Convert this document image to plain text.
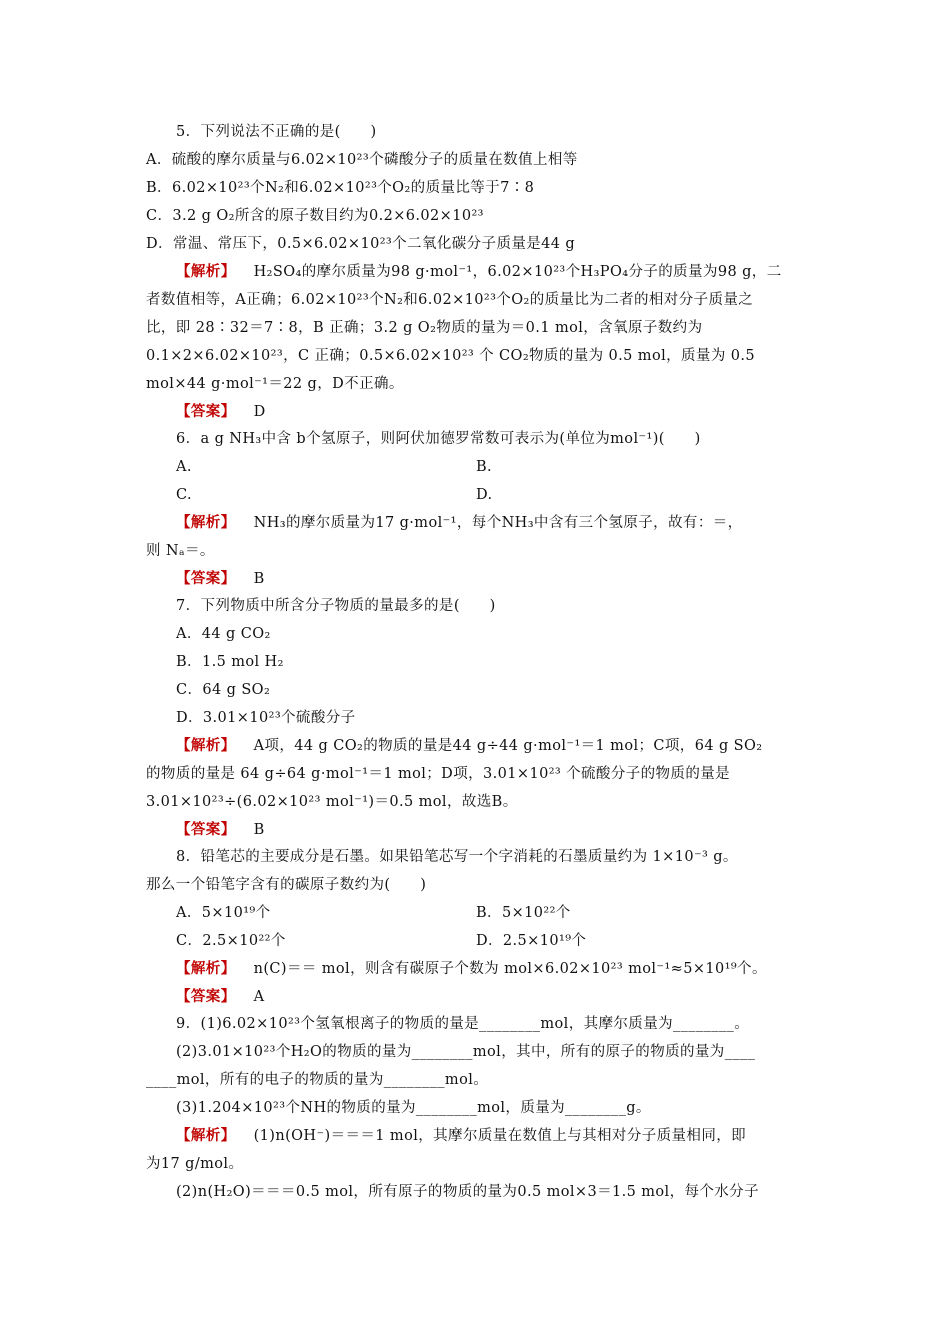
5．下列说法不正确的是(　　)
A．硫酸的摩尔质量与6.02×10²³个磷酸分子的质量在数值上相等
B．6.02×10²³个N₂和6.02×10²³个O₂的质量比等于7∶8
C．3.2 g O₂所含的原子数目约为0.2×6.02×10²³
D．常温、常压下，0.5×6.02×10²³个二氧化碳分子质量是44 g
【解析】 H₂SO₄的摩尔质量为98 g·mol⁻¹，6.02×10²³个H₃PO₄分子的质量为98 g，二
者数值相等，A正确；6.02×10²³个N₂和6.02×10²³个O₂的质量比为二者的相对分子质量之
比，即 28∶32＝7∶8，B 正确；3.2 g O₂物质的量为＝0.1 mol，含氧原子数约为
0.1×2×6.02×10²³，C 正确；0.5×6.02×10²³ 个 CO₂物质的量为 0.5 mol，质量为 0.5
mol×44 g·mol⁻¹＝22 g，D不正确。
【答案】 D
6．a g NH₃中含 b个氢原子，则阿伏加德罗常数可表示为(单位为mol⁻¹)(　　)
A.	B.
C.	D.
【解析】 NH₃的摩尔质量为17 g·mol⁻¹，每个NH₃中含有三个氢原子，故有：＝，
则 Nₐ＝。
【答案】 B
7．下列物质中所含分子物质的量最多的是(　　)
A．44 g CO₂
B．1.5 mol H₂
C．64 g SO₂
D．3.01×10²³个硫酸分子
【解析】 A项，44 g CO₂的物质的量是44 g÷44 g·mol⁻¹＝1 mol；C项，64 g SO₂
的物质的量是 64 g÷64 g·mol⁻¹＝1 mol；D项，3.01×10²³ 个硫酸分子的物质的量是
3.01×10²³÷(6.02×10²³ mol⁻¹)＝0.5 mol，故选B。
【答案】 B
8．铅笔芯的主要成分是石墨。如果铅笔芯写一个字消耗的石墨质量约为 1×10⁻³ g。
那么一个铅笔字含有的碳原子数约为(　　)
A．5×10¹⁹个	B．5×10²²个
C．2.5×10²²个	D．2.5×10¹⁹个
【解析】 n(C)＝＝ mol，则含有碳原子个数为 mol×6.02×10²³ mol⁻¹≈5×10¹⁹个。
【答案】 A
9．(1)6.02×10²³个氢氧根离子的物质的量是________mol，其摩尔质量为________。
(2)3.01×10²³个H₂O的物质的量为________mol，其中，所有的原子的物质的量为____
____mol，所有的电子的物质的量为________mol。
(3)1.204×10²³个NH的物质的量为________mol，质量为________g。
【解析】 (1)n(OH⁻)＝＝＝1 mol，其摩尔质量在数值上与其相对分子质量相同，即
为17 g/mol。
(2)n(H₂O)＝＝＝0.5 mol，所有原子的物质的量为0.5 mol×3＝1.5 mol，每个水分子
